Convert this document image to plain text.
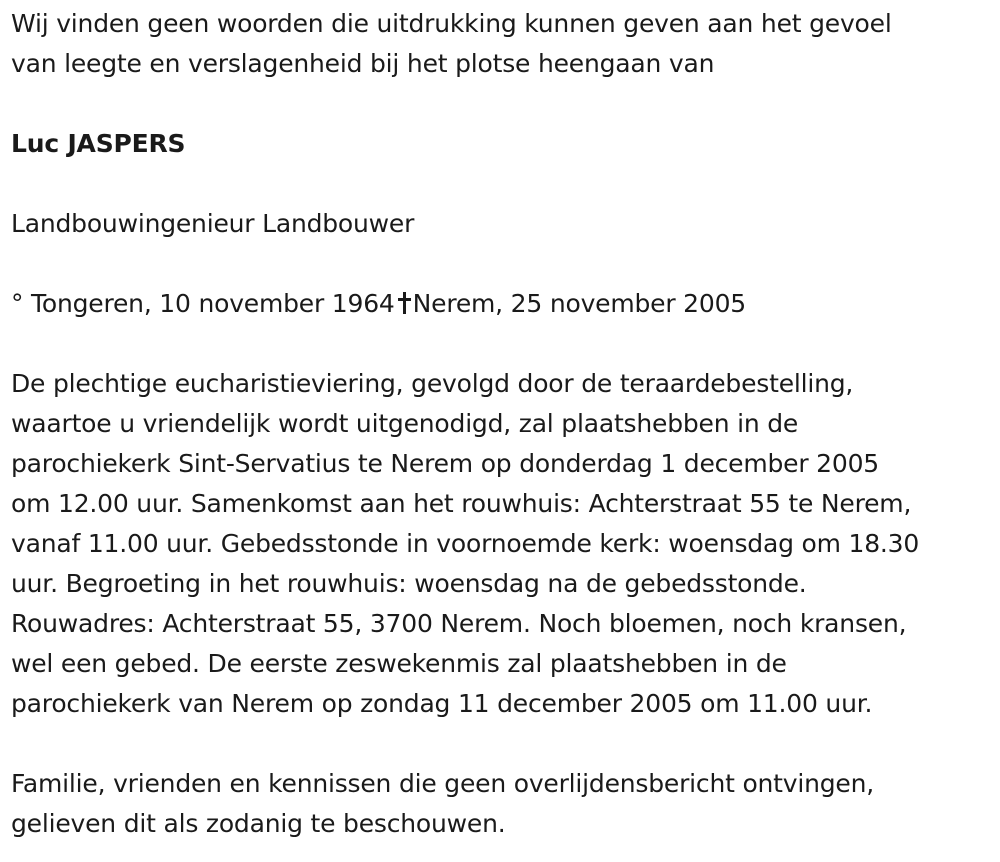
Wij vinden geen woorden die uitdrukking kunnen geven aan het gevoel
van leegte en verslagenheid bij het plotse heengaan van
Luc JASPERS
Landbouwingenieur Landbouwer
° Tongeren, 10 november 1964 Nerem, 25 november 2005
De plechtige eucharistieviering, gevolgd door de teraardebestelling,
waartoe u vriendelijk wordt uitgenodigd, zal plaatshebben in de
parochiekerk Sint-Servatius te Nerem op donderdag 1 december 2005
om 12.00 uur. Samenkomst aan het rouwhuis: Achterstraat 55 te Nerem,
vanaf 11.00 uur. Gebedsstonde in voornoemde kerk: woensdag om 18.30
uur. Begroeting in het rouwhuis: woensdag na de gebedsstonde.
Rouwadres: Achterstraat 55, 3700 Nerem. Noch bloemen, noch kransen,
wel een gebed. De eerste zeswekenmis zal plaatshebben in de
parochiekerk van Nerem op zondag 11 december 2005 om 11.00 uur.
Familie, vrienden en kennissen die geen overlijdensbericht ontvingen,
gelieven dit als zodanig te beschouwen.
